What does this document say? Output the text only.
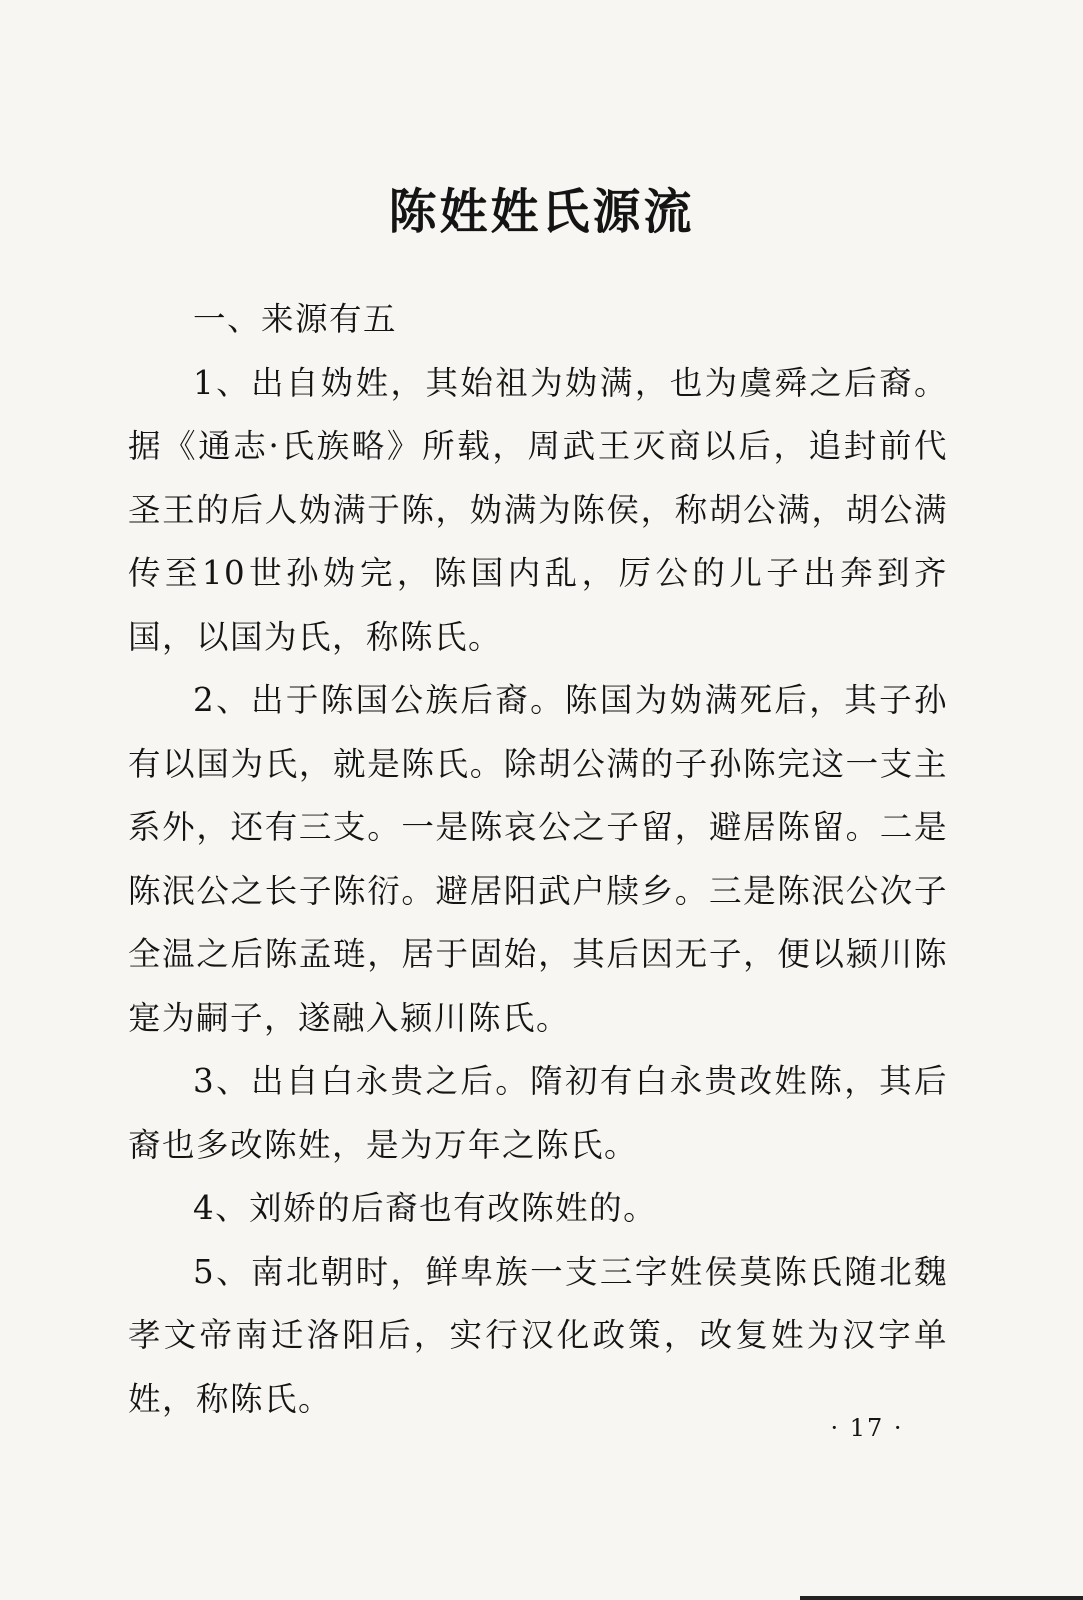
陈姓姓氏源流

一、来源有五

1、出自妫姓，其始祖为妫满，也为虞舜之后裔。据《通志·氏族略》所载，周武王灭商以后，追封前代圣王的后人妫满于陈，妫满为陈侯，称胡公满，胡公满传至10世孙妫完，陈国内乱，厉公的儿子出奔到齐国，以国为氏，称陈氏。

2、出于陈国公族后裔。陈国为妫满死后，其子孙有以国为氏，就是陈氏。除胡公满的子孙陈完这一支主系外，还有三支。一是陈哀公之子留，避居陈留。二是陈泯公之长子陈衍。避居阳武户牍乡。三是陈泯公次子全温之后陈孟琏，居于固始，其后因无子，便以颍川陈寔为嗣子，遂融入颍川陈氏。

3、出自白永贵之后。隋初有白永贵改姓陈，其后裔也多改陈姓，是为万年之陈氏。

4、刘娇的后裔也有改陈姓的。

5、南北朝时，鲜卑族一支三字姓侯莫陈氏随北魏孝文帝南迁洛阳后，实行汉化政策，改复姓为汉字单姓，称陈氏。

· 17 ·
